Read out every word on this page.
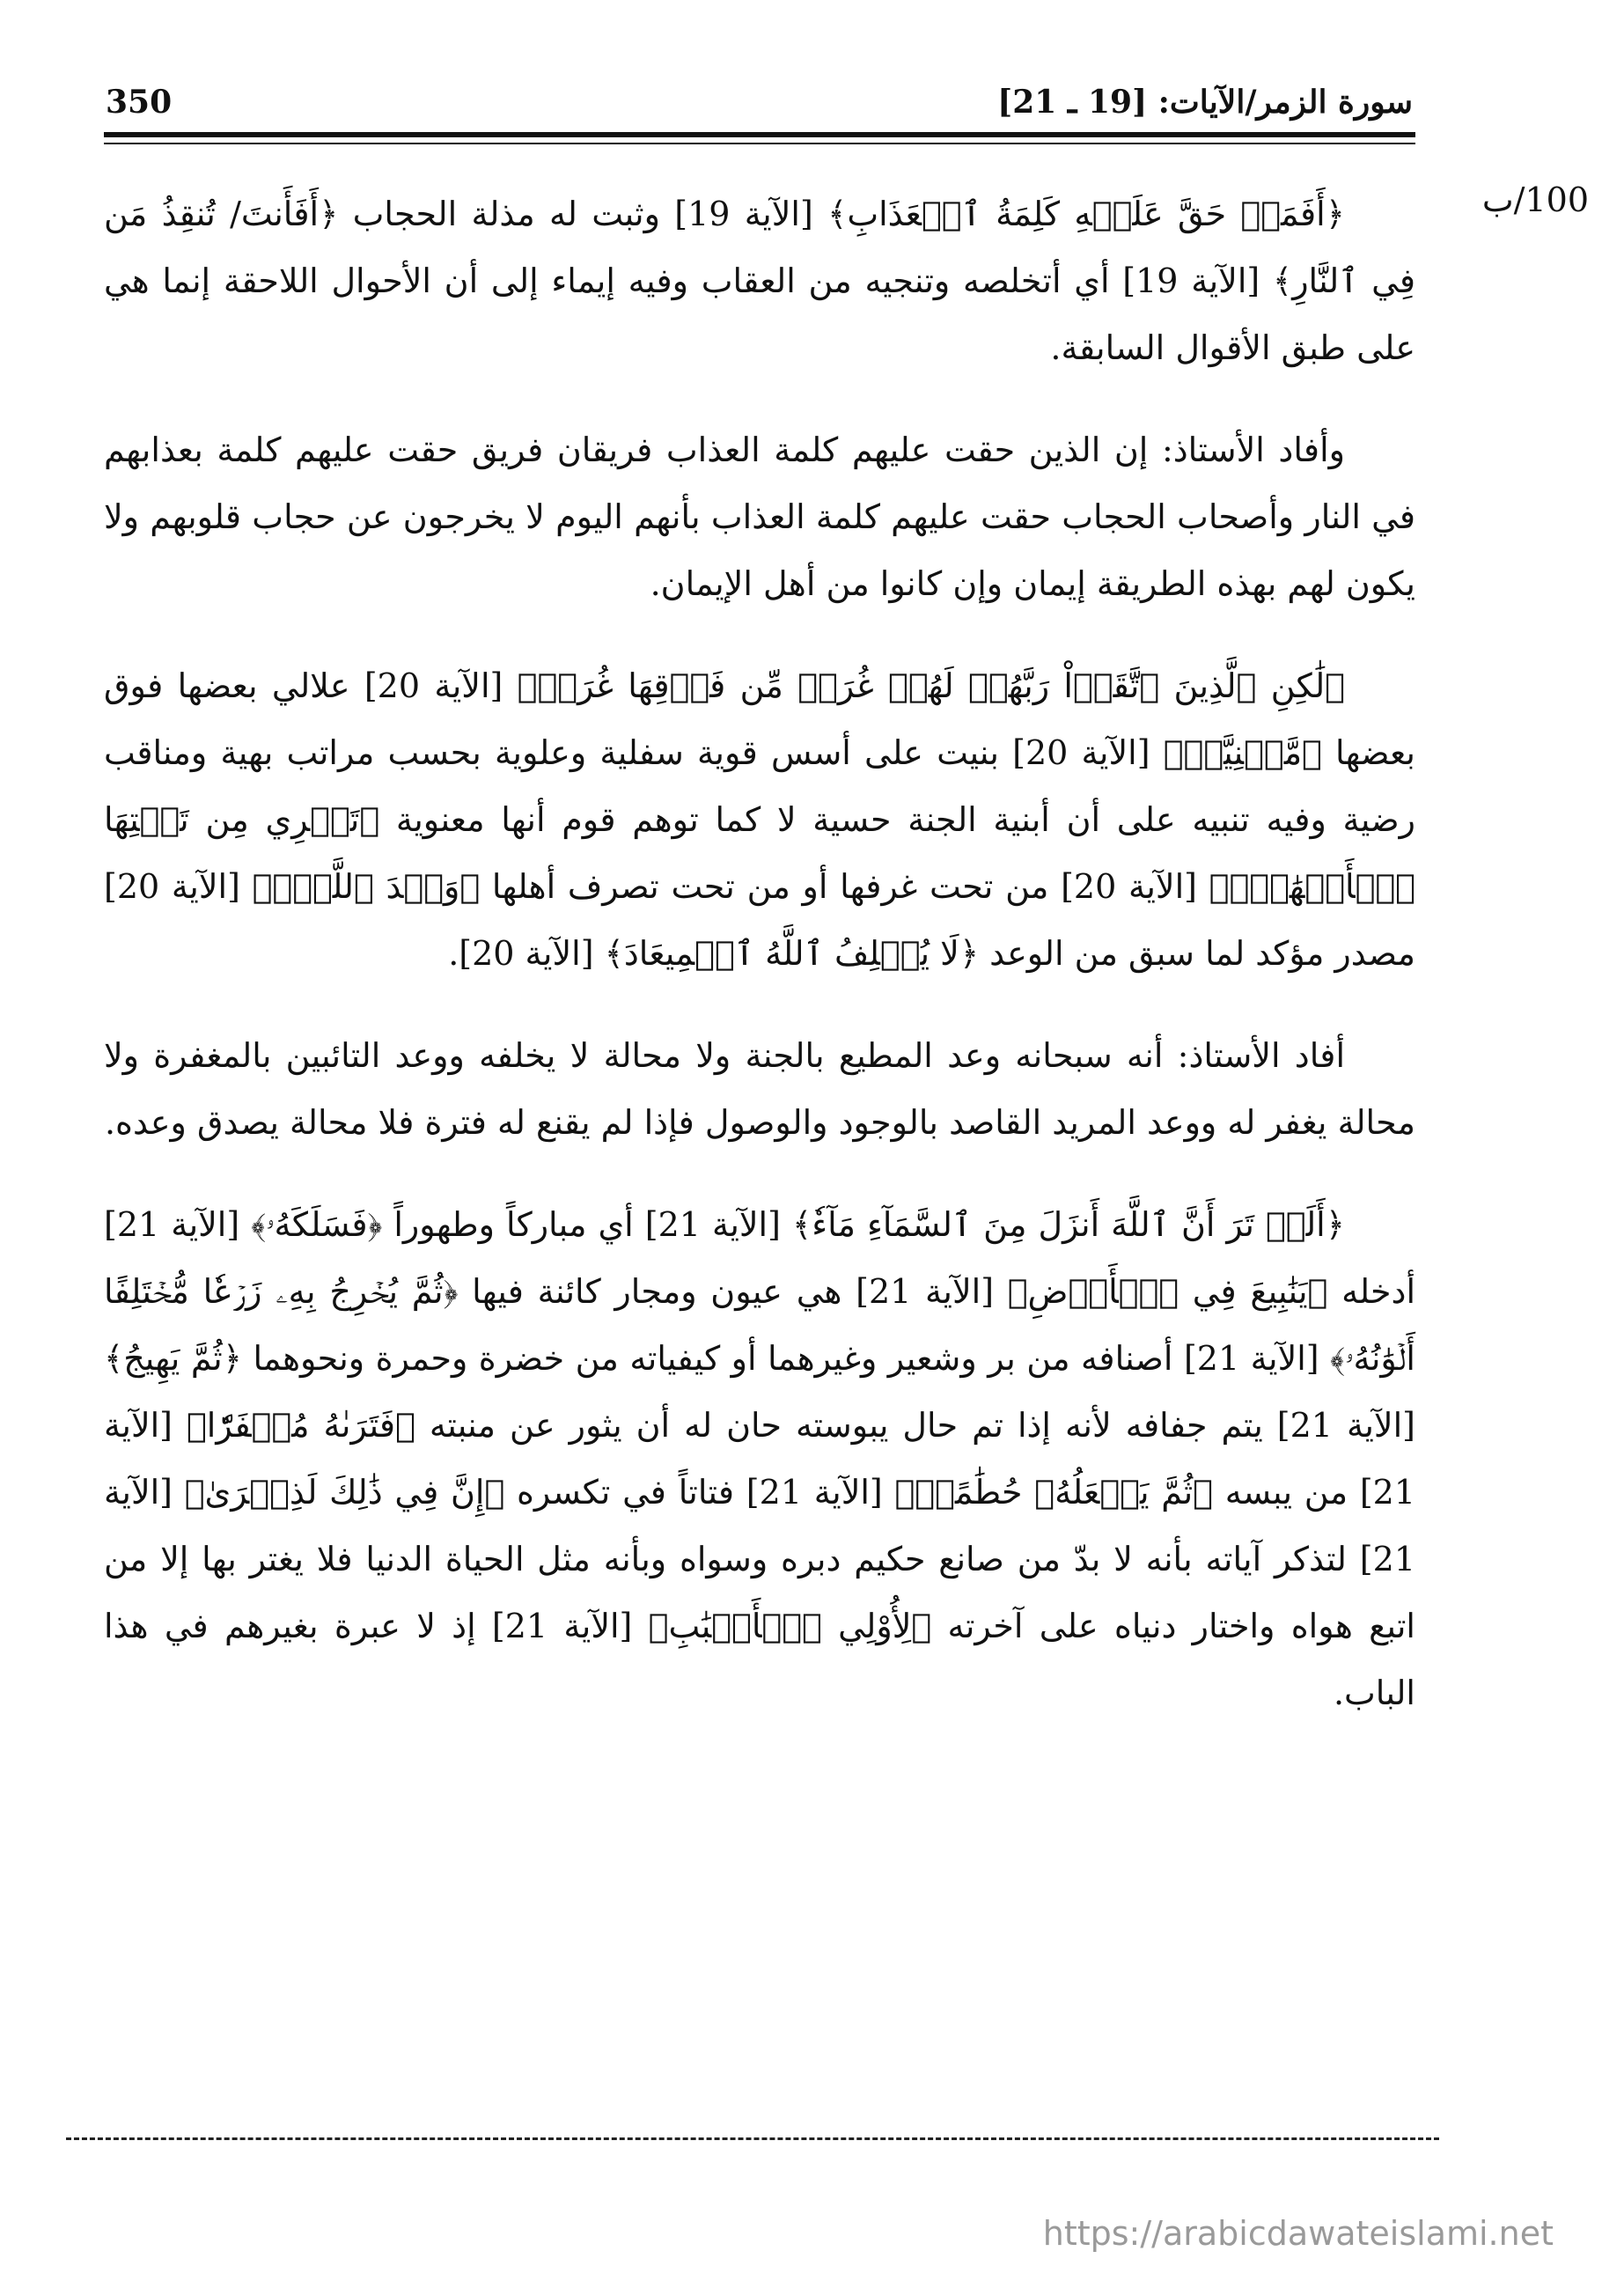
350	سورة الزمر/الآيات: [19 ـ 21]
100/ب

﴿أَفَمَنۡ حَقَّ عَلَيۡهِ كَلِمَةُ ٱلۡعَذَابِ﴾ [الآية 19] وثبت له مذلة الحجاب ﴿أَفَأَنتَ/ تُنقِذُ مَن فِي ٱلنَّارِ﴾ [الآية 19] أي أتخلصه وتنجيه من العقاب وفيه إيماء إلى أن الأحوال اللاحقة إنما هي على طبق الأقوال السابقة.

وأفاد الأستاذ: إن الذين حقت عليهم كلمة العذاب فريقان فريق حقت عليهم كلمة بعذابهم في النار وأصحاب الحجاب حقت عليهم كلمة العذاب بأنهم اليوم لا يخرجون عن حجاب قلوبهم ولا يكون لهم بهذه الطريقة إيمان وإن كانوا من أهل الإيمان.

﴿لَٰكِنِ ٱلَّذِينَ ٱتَّقَوۡاْ رَبَّهُمۡ لَهُمۡ غُرَفٞ مِّن فَوۡقِهَا غُرَفٞ﴾ [الآية 20] علالي بعضها فوق بعضها ﴿مَّبۡنِيَّةٞ﴾ [الآية 20] بنيت على أسس قوية سفلية وعلوية بحسب مراتب بهية ومناقب رضية وفيه تنبيه على أن أبنية الجنة حسية لا كما توهم قوم أنها معنوية ﴿تَجۡرِي مِن تَحۡتِهَا ٱلۡأَنۡهَٰرُۖ﴾ [الآية 20] من تحت غرفها أو من تحت تصرف أهلها ﴿وَعۡدَ ٱللَّهِۖ﴾ [الآية 20] مصدر مؤكد لما سبق من الوعد ﴿لَا يُخۡلِفُ ٱللَّهُ ٱلۡمِيعَادَ﴾ [الآية 20].

أفاد الأستاذ: أنه سبحانه وعد المطيع بالجنة ولا محالة لا يخلفه ووعد التائبين بالمغفرة ولا محالة يغفر له ووعد المريد القاصد بالوجود والوصول فإذا لم يقنع له فترة فلا محالة يصدق وعده.

﴿أَلَمۡ تَرَ أَنَّ ٱللَّهَ أَنزَلَ مِنَ ٱلسَّمَآءِ مَآءٗ﴾ [الآية 21] أي مباركاً وطهوراً ﴿فَسَلَكَهُۥ﴾ [الآية 21] أدخله ﴿يَنَٰبِيعَ فِي ٱلۡأَرۡضِ﴾ [الآية 21] هي عيون ومجار كائنة فيها ﴿ثُمَّ يُخۡرِجُ بِهِۦ زَرۡعٗا مُّخۡتَلِفًا أَلۡوَٰنُهُۥ﴾ [الآية 21] أصنافه من بر وشعير وغيرهما أو كيفياته من خضرة وحمرة ونحوهما ﴿ثُمَّ يَهِيجُ﴾ [الآية 21] يتم جفافه لأنه إذا تم حال يبوسته حان له أن يثور عن منبته ﴿فَتَرَىٰهُ مُصۡفَرّٗا﴾ [الآية 21] من يبسه ﴿ثُمَّ يَجۡعَلُهُۥ حُطَٰمًاۚ﴾ [الآية 21] فتاتاً في تكسره ﴿إِنَّ فِي ذَٰلِكَ لَذِكۡرَىٰ﴾ [الآية 21] لتذكر آياته بأنه لا بدّ من صانع حكيم دبره وسواه وبأنه مثل الحياة الدنيا فلا يغتر بها إلا من اتبع هواه واختار دنياه على آخرته ﴿لِأُوْلِي ٱلۡأَلۡبَٰبِ﴾ [الآية 21] إذ لا عبرة بغيرهم في هذا الباب.

https://arabicdawateislami.net
